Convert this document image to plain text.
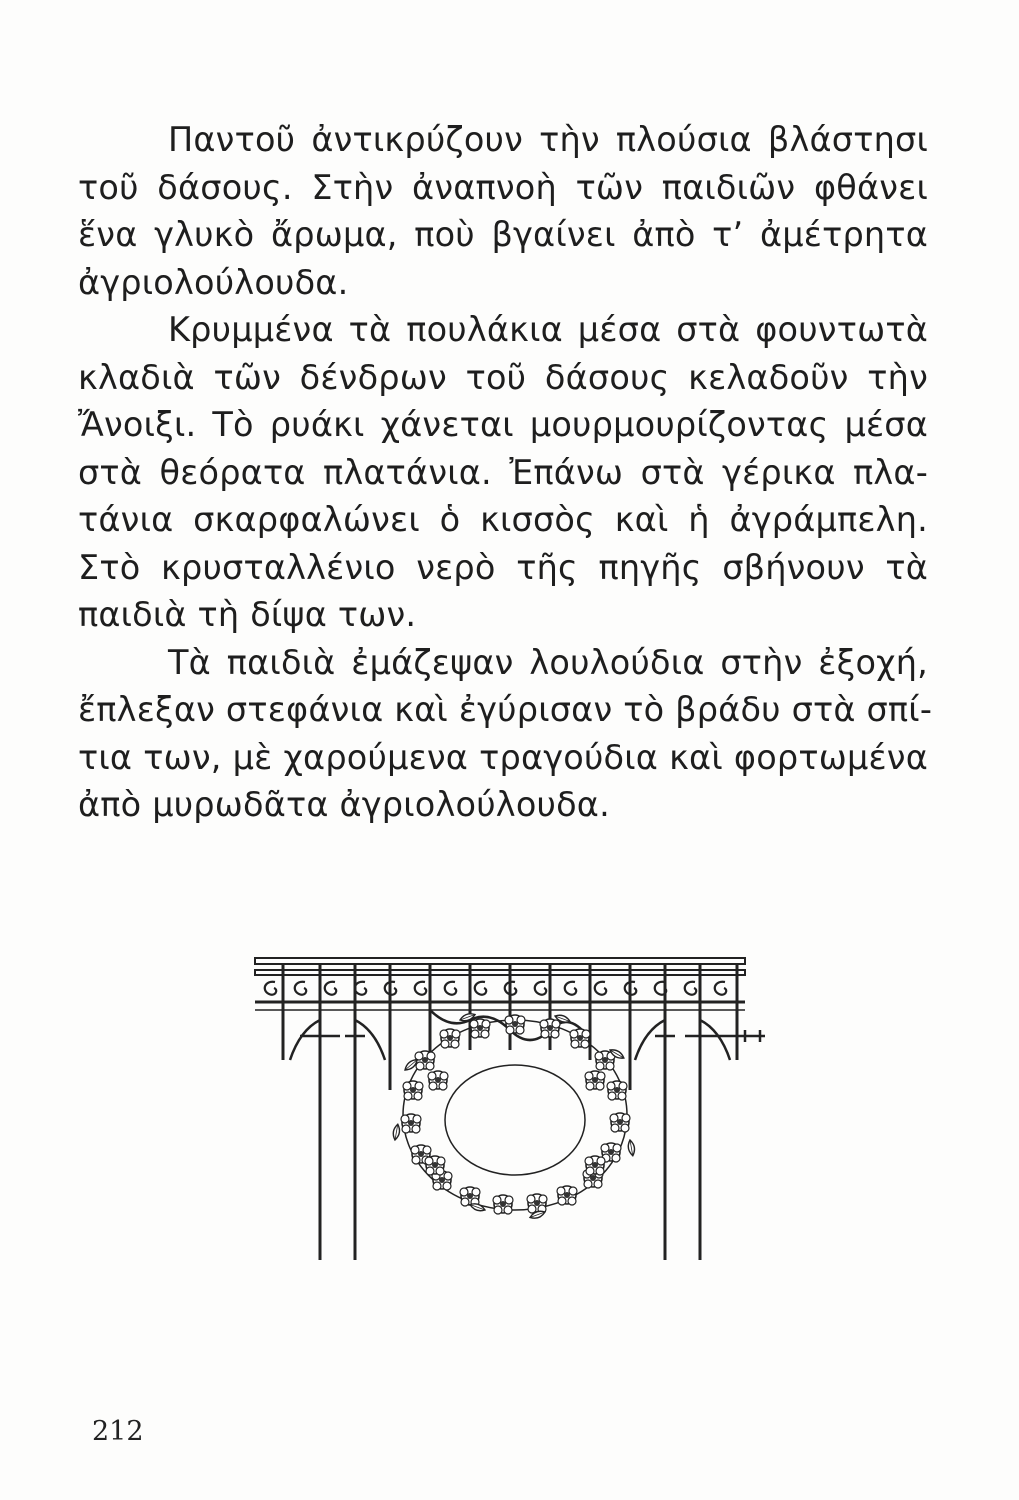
Παντοῦ ἀντικρύζουν τὴν πλούσια βλάστησι
τοῦ δάσους. Στὴν ἀναπνοὴ τῶν παιδιῶν φθάνει
ἕνα γλυκὸ ἄρωμα, ποὺ βγαίνει ἀπὸ τ’ ἀμέτρητα
ἀγριολούλουδα.
Κρυμμένα τὰ πουλάκια μέσα στὰ φουντωτὰ
κλαδιὰ τῶν δένδρων τοῦ δάσους κελαδοῦν τὴν
Ἄνοιξι. Τὸ ρυάκι χάνεται μουρμουρίζοντας μέσα
στὰ θεόρατα πλατάνια. Ἐπάνω στὰ γέρικα πλα-
τάνια σκαρφαλώνει ὁ κισσὸς καὶ ἡ ἀγράμπελη.
Στὸ κρυσταλλένιο νερὸ τῆς πηγῆς σβήνουν τὰ
παιδιὰ τὴ δίψα των.
Τὰ παιδιὰ ἐμάζεψαν λουλούδια στὴν ἐξοχή,
ἔπλεξαν στεφάνια καὶ ἐγύρισαν τὸ βράδυ στὰ σπί-
τια των, μὲ χαρούμενα τραγούδια καὶ φορτωμένα
ἀπὸ μυρωδᾶτα ἀγριολούλουδα.
212
